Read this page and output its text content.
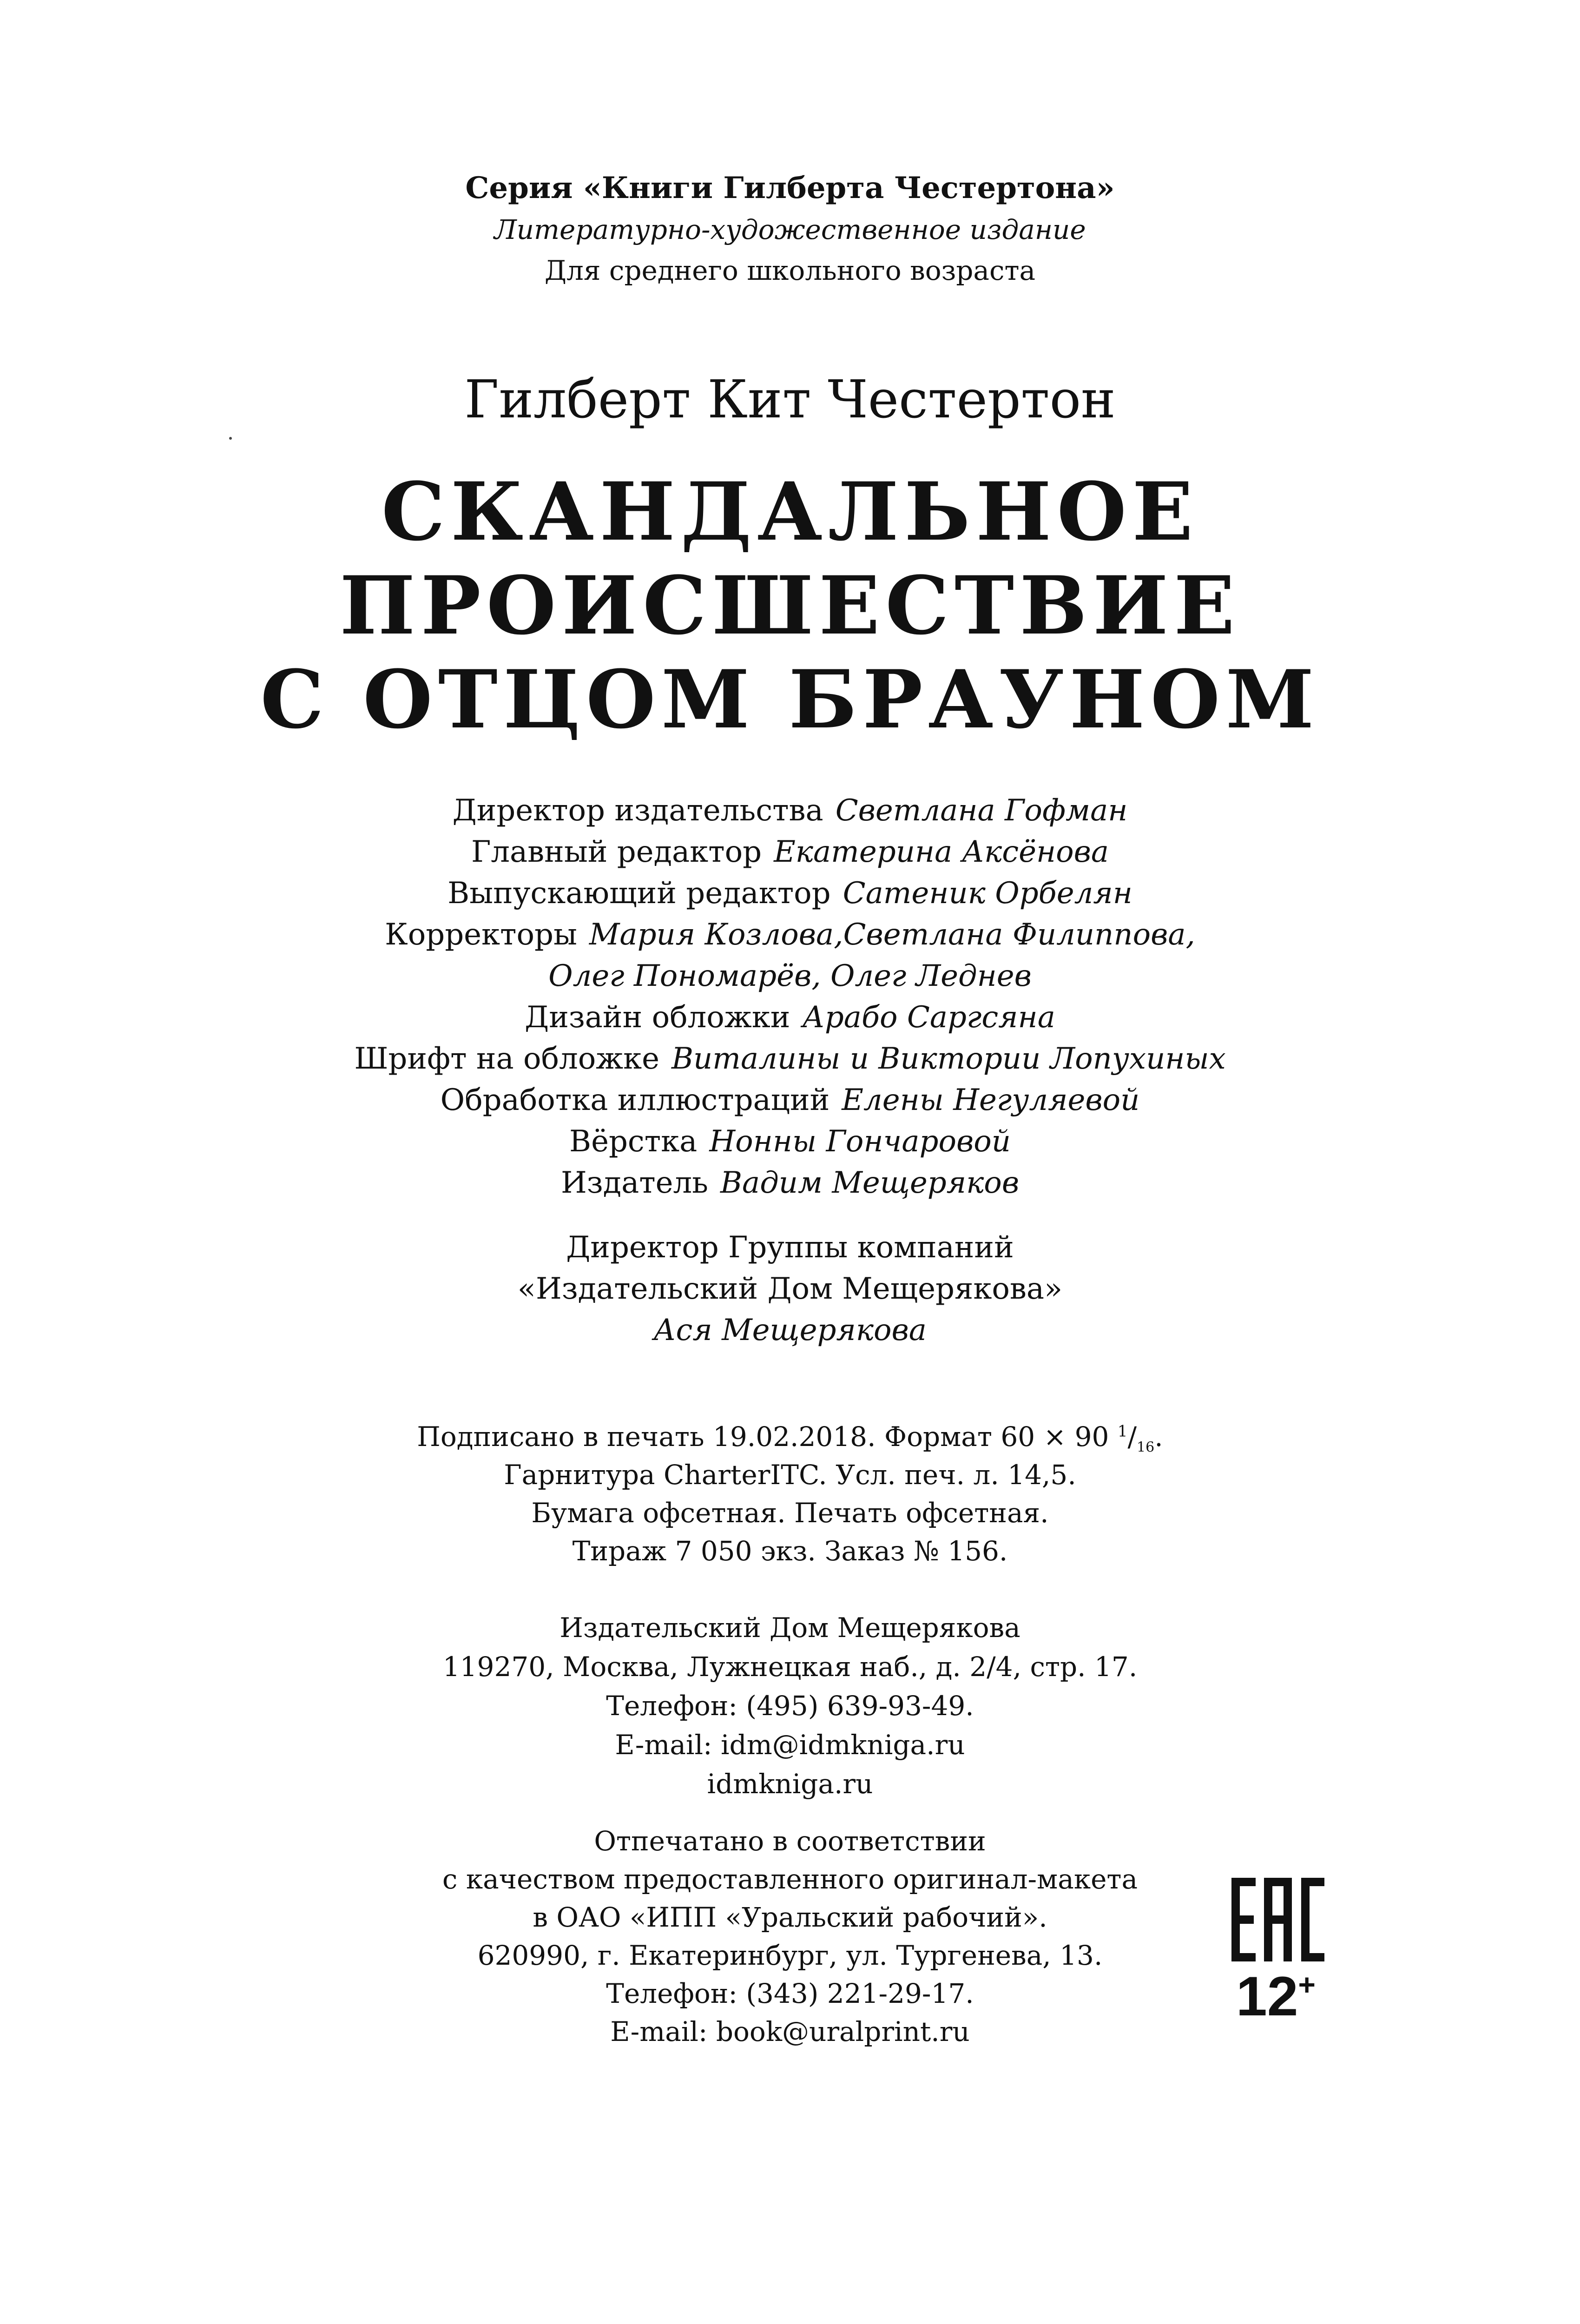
Серия «Книги Гилберта Честертона»
Литературно-художественное издание
Для среднего школьного возраста
Гилберт Кит Честертон
СКАНДАЛЬНОЕ
ПРОИСШЕСТВИЕ
С ОТЦОМ БРАУНОМ
Директор издательства Светлана Гофман
Главный редактор Екатерина Аксёнова
Выпускающий редактор Сатеник Орбелян
Корректоры Мария Козлова,Светлана Филиппова,
Олег Пономарёв, Олег Леднев
Дизайн обложки Арабо Саргсяна
Шрифт на обложке Виталины и Виктории Лопухиных
Обработка иллюстраций Елены Негуляевой
Вёрстка Нонны Гончаровой
Издатель Вадим Мещеряков
Директор Группы компаний
«Издательский Дом Мещерякова»
Ася Мещерякова
Подписано в печать 19.02.2018. Формат 60 × 90 $^1/_{16}$.
Гарнитура CharterITC. Усл. печ. л. 14,5.
Бумага офсетная. Печать офсетная.
Тираж 7 050 экз. Заказ № 156.
Издательский Дом Мещерякова
119270, Москва, Лужнецкая наб., д. 2/4, стр. 17.
Телефон: (495) 639-93-49.
E-mail: idm@idmkniga.ru
idmkniga.ru
Отпечатано в соответствии
с качеством предоставленного оригинал-макета
в ОАО «ИПП «Уральский рабочий».
620990, г. Екатеринбург, ул. Тургенева, 13.
Телефон: (343) 221-29-17.
E-mail: book@uralprint.ru
12+
